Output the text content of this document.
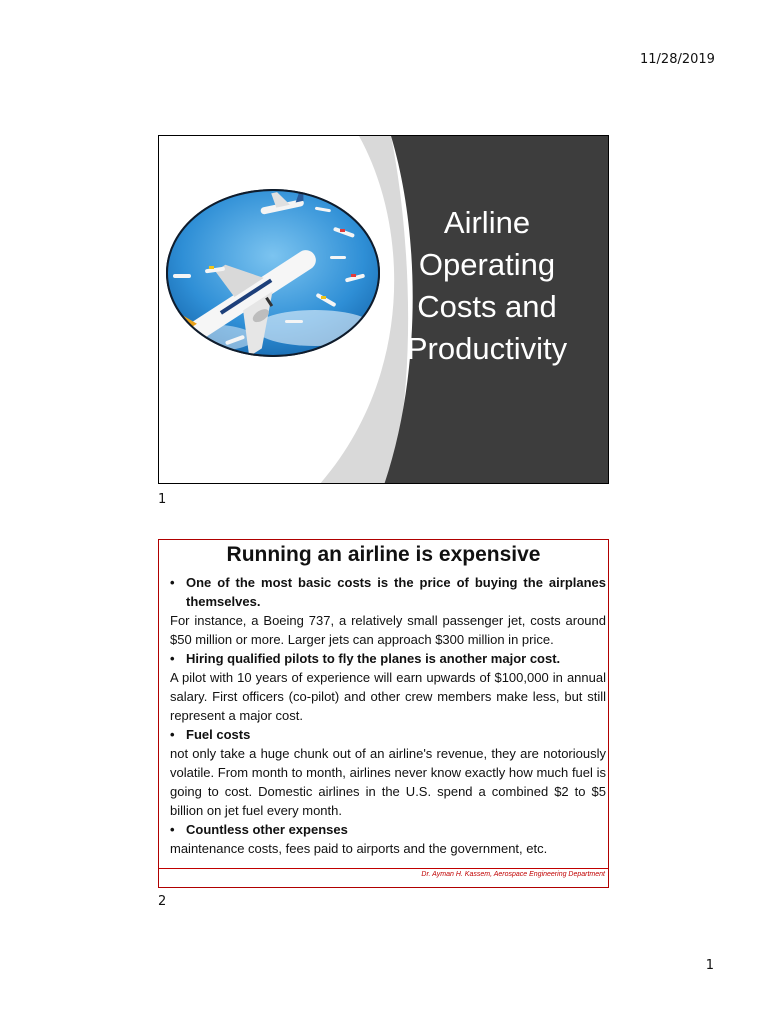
11/28/2019
Airline
Operating
Costs and
Productivity
1
Running an airline is expensive
• One of the most basic costs is the price of buying the airplanes themselves.

For instance, a Boeing 737, a relatively small passenger jet, costs around $50 million or more. Larger jets can approach $300 million in price.

• Hiring qualified pilots to fly the planes is another major cost.

A pilot with 10 years of experience will earn upwards of $100,000 in annual salary. First officers (co-pilot) and other crew members make less, but still represent a major cost.

• Fuel costs

not only take a huge chunk out of an airline's revenue, they are notoriously volatile. From month to month, airlines never know exactly how much fuel is going to cost. Domestic airlines in the U.S. spend a combined $2 to $5 billion on jet fuel every month.

• Countless other expenses

maintenance costs, fees paid to airports and the government, etc.

Dr. Ayman H. Kassem, Aerospace Engineering Department
2
1
